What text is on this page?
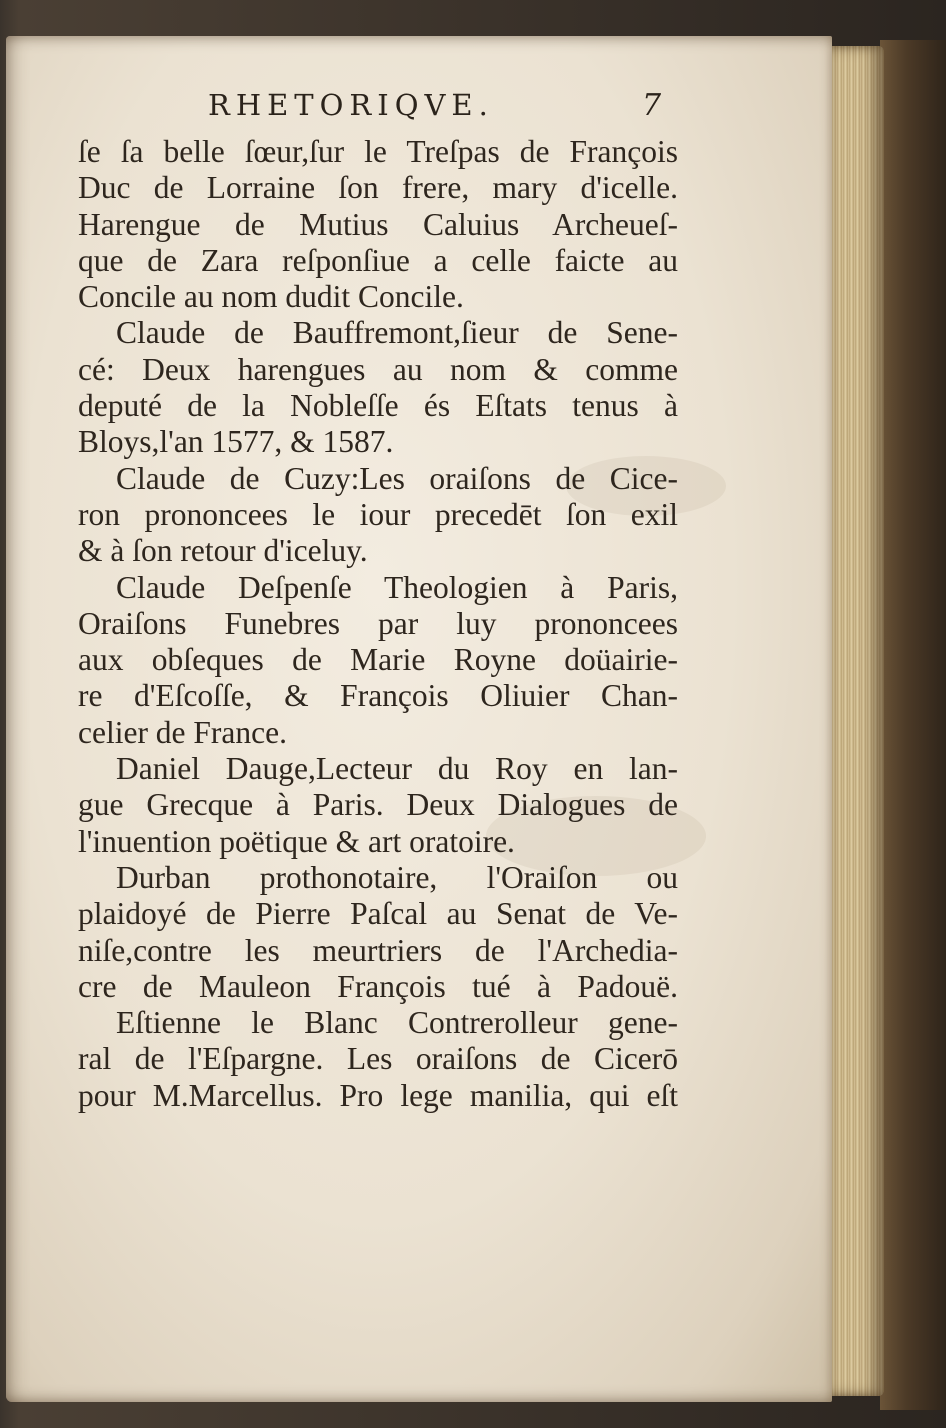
RHETORIQVE.	7
ſe ſa belle ſœur,ſur le Treſpas de François
Duc de Lorraine ſon frere, mary d'icelle.
Harengue de Mutius Caluius Archeueſ-
que de Zara reſponſiue a celle faicte au
Concile au nom dudit Concile.
Claude de Bauffremont,ſieur de Sene-
cé: Deux harengues au nom & comme
deputé de la Nobleſſe és Eſtats tenus à
Bloys,l'an 1577, & 1587.
Claude de Cuzy:Les oraiſons de Cice-
ron prononcees le iour precedēt ſon exil
& à ſon retour d'iceluy.
Claude Deſpenſe Theologien à Paris,
Oraiſons Funebres par luy prononcees
aux obſeques de Marie Royne doüairie-
re d'Eſcoſſe, & François Oliuier Chan-
celier de France.
Daniel Dauge,Lecteur du Roy en lan-
gue Grecque à Paris. Deux Dialogues de
l'inuention poëtique & art oratoire.
Durban prothonotaire, l'Oraiſon ou
plaidoyé de Pierre Paſcal au Senat de Ve-
niſe,contre les meurtriers de l'Archedia-
cre de Mauleon François tué à Padouë.
Eſtienne le Blanc Contrerolleur gene-
ral de l'Eſpargne. Les oraiſons de Cicerō
pour M.Marcellus. Pro lege manilia, qui eſt
